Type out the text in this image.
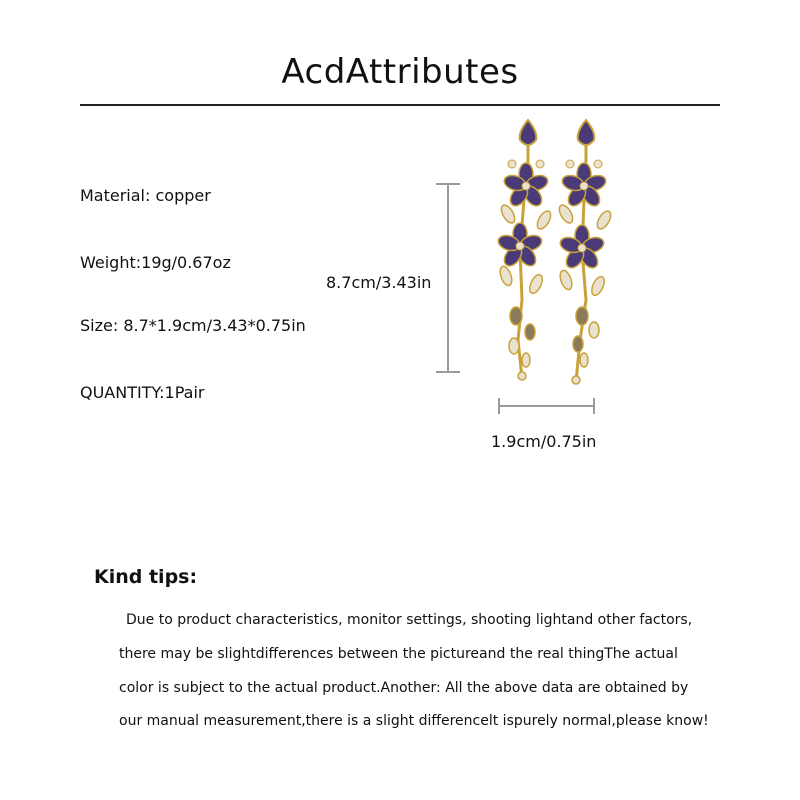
AcdAttributes
Material: copper
Weight:19g/0.67oz
Size: 8.7*1.9cm/3.43*0.75in
QUANTITY:1Pair
8.7cm/3.43in
1.9cm/0.75in
Kind tips:
Due to product characteristics, monitor settings, shooting lightand other factors,
there may be slightdifferences between the pictureand the real thingThe actual
color is subject to the actual product.Another: All the above data are obtained by
our manual measurement,there is a slight differencelt ispurely normal,please know!
